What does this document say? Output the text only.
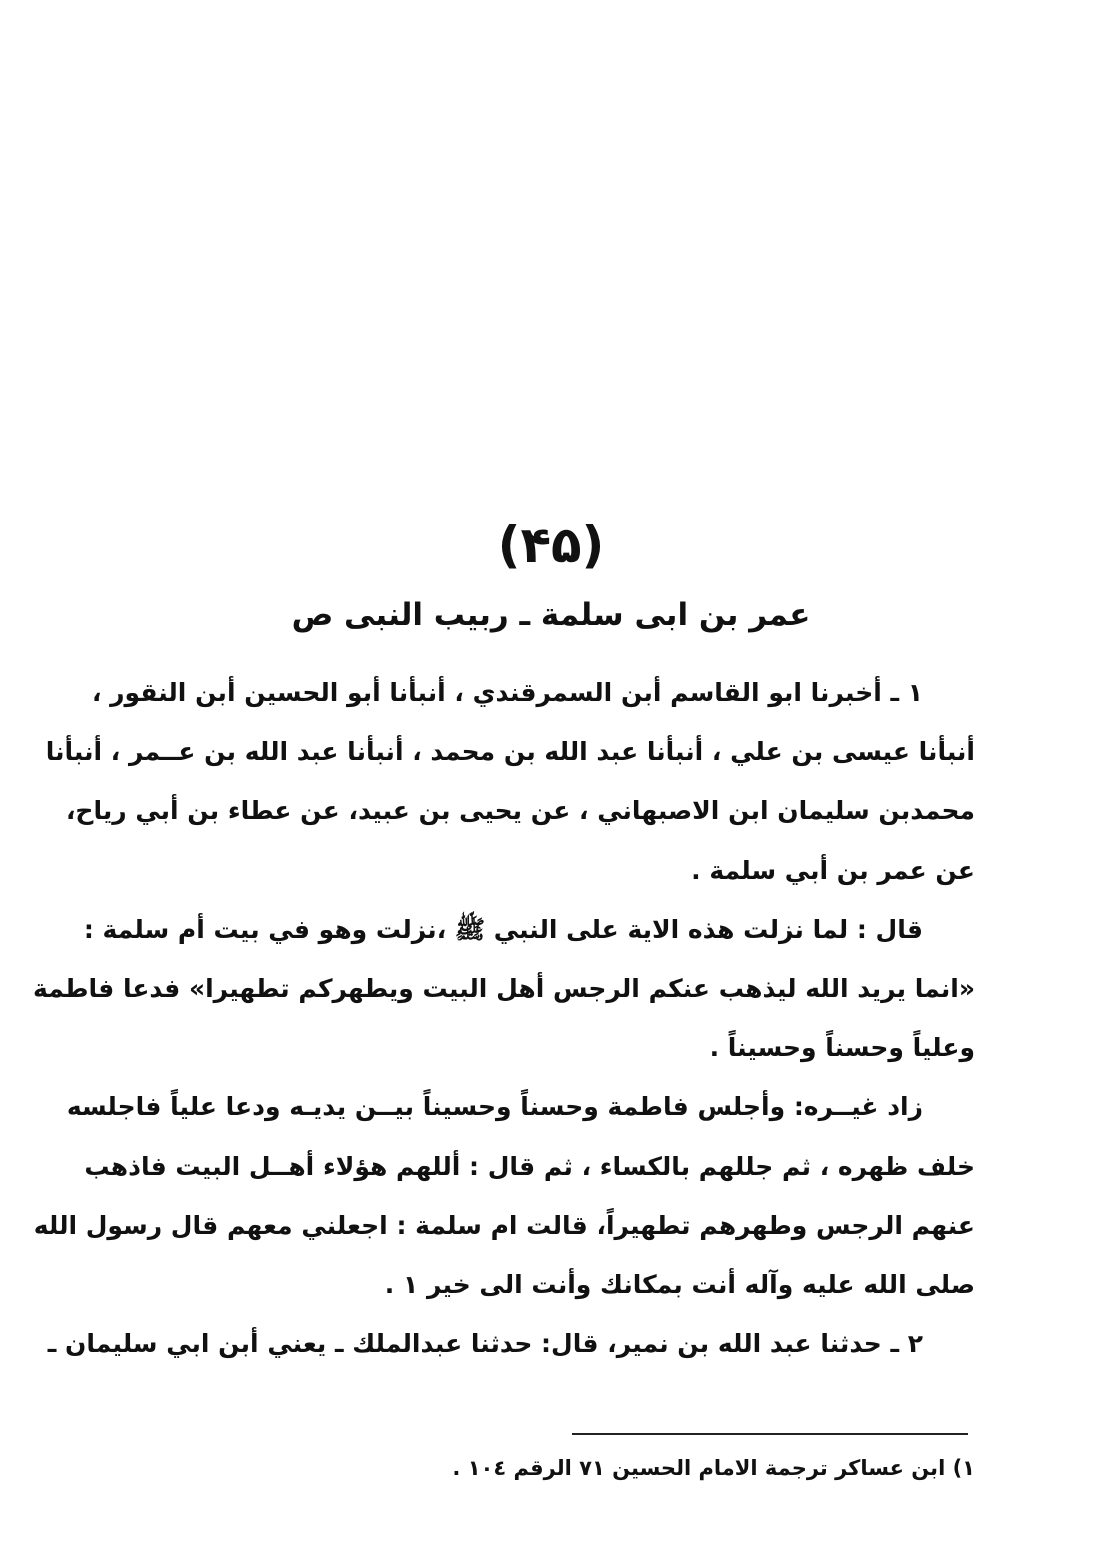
(۴۵)
عمر بن ابى سلمة ـ ربيب النبى ص
١ ـ أخبرنا ابو القاسم أبن السمرقندي ، أنبأنا أبو الحسين أبن النقور ،
أنبأنا عيسى بن علي ، أنبأنا عبد الله بن محمد ، أنبأنا عبد الله بن عــمر ، أنبأنا
محمدبن سليمان ابن الاصبهاني ، عن يحيى بن عبيد، عن عطاء بن أبي رياح،
عن عمر بن أبي سلمة .
قال : لما نزلت هذه الاية على النبي ﷺ ،نزلت وهو في بيت أم سلمة :
«انما يريد الله ليذهب عنكم الرجس أهل البيت ويطهركم تطهيرا» فدعا فاطمة
وعلياً وحسناً وحسيناً .
زاد غيــره: وأجلس فاطمة وحسناً وحسيناً بيــن يديـه ودعا علياً فاجلسه
خلف ظهره ، ثم جللهم بالكساء ، ثم قال : أللهم هؤلاء أهــل البيت فاذهب
عنهم الرجس وطهرهم تطهيراً، قالت ام سلمة : اجعلني معهم قال رسول الله
صلى الله عليه وآله أنت بمكانك وأنت الى خير ١ .
٢ ـ حدثنا عبد الله بن نمير، قال: حدثنا عبدالملك ـ يعني أبن ابي سليمان ـ
١) ابن عساكر ترجمة الامام الحسين ٧١ الرقم ١٠٤ .
